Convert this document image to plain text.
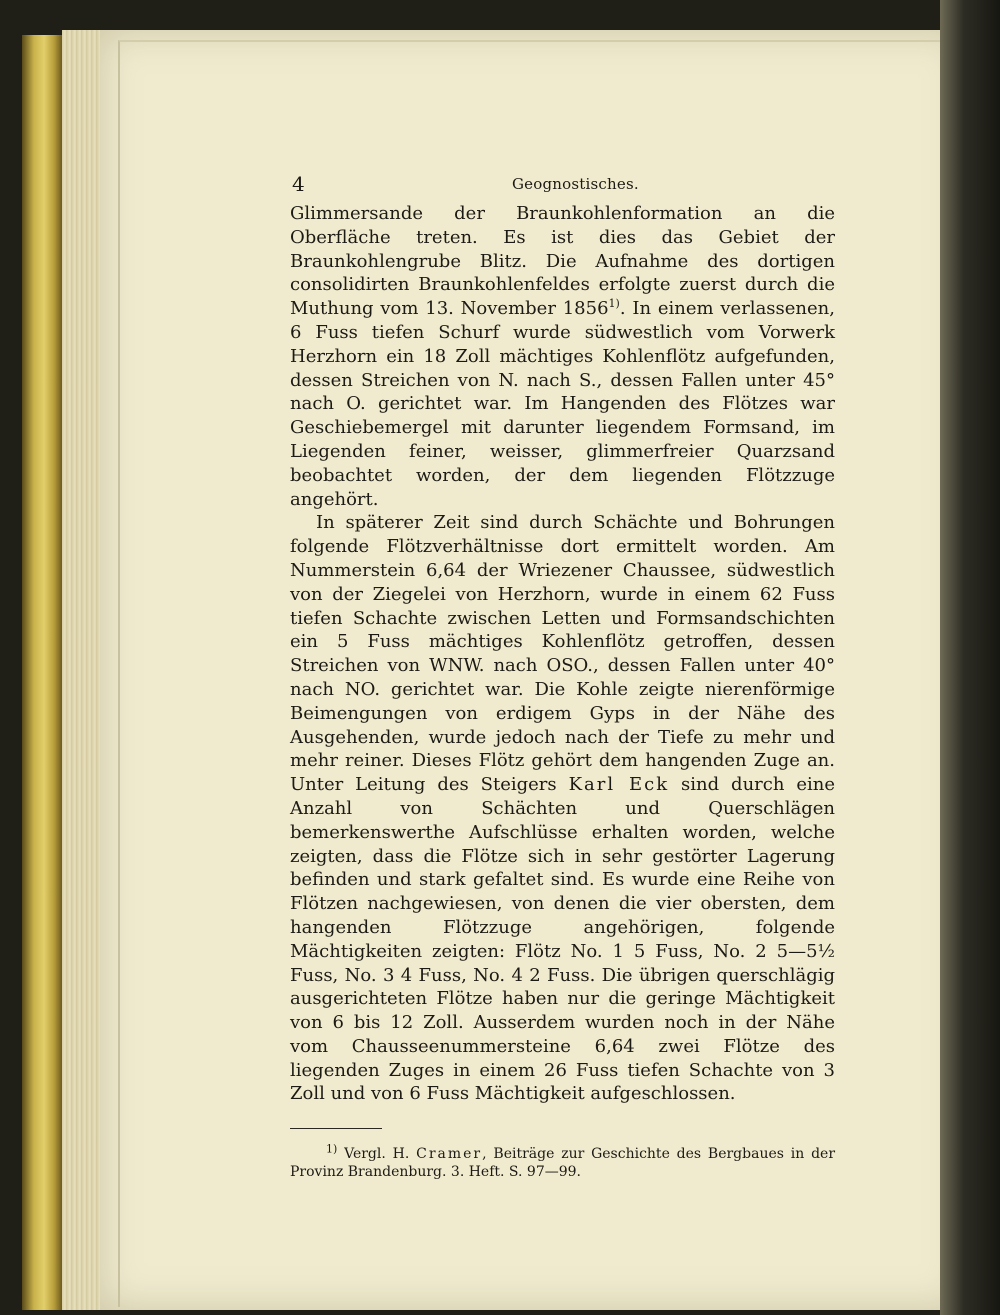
4	Geognostisches.

Glimmersande der Braunkohlenformation an die Oberfläche treten. Es ist dies das Gebiet der Braunkohlengrube Blitz. Die Aufnahme des dortigen consolidirten Braunkohlenfeldes erfolgte zuerst durch die Muthung vom 13. November 1856$^{1)}$. In einem verlassenen, 6 Fuss tiefen Schurf wurde südwestlich vom Vorwerk Herzhorn ein 18 Zoll mächtiges Kohlenflötz aufgefunden, dessen Streichen von N. nach S., dessen Fallen unter 45° nach O. gerichtet war. Im Hangenden des Flötzes war Geschiebemergel mit darunter liegendem Formsand, im Liegenden feiner, weisser, glimmerfreier Quarzsand beobachtet worden, der dem liegenden Flötzzuge angehört.

In späterer Zeit sind durch Schächte und Bohrungen folgende Flötzverhältnisse dort ermittelt worden. Am Nummerstein 6,64 der Wriezener Chaussee, südwestlich von der Ziegelei von Herzhorn, wurde in einem 62 Fuss tiefen Schachte zwischen Letten und Formsandschichten ein 5 Fuss mächtiges Kohlenflötz getroffen, dessen Streichen von WNW. nach OSO., dessen Fallen unter 40° nach NO. gerichtet war. Die Kohle zeigte nierenförmige Beimengungen von erdigem Gyps in der Nähe des Ausgehenden, wurde jedoch nach der Tiefe zu mehr und mehr reiner. Dieses Flötz gehört dem hangenden Zuge an. Unter Leitung des Steigers Karl Eck sind durch eine Anzahl von Schächten und Querschlägen bemerkenswerthe Aufschlüsse erhalten worden, welche zeigten, dass die Flötze sich in sehr gestörter Lagerung befinden und stark gefaltet sind. Es wurde eine Reihe von Flötzen nachgewiesen, von denen die vier obersten, dem hangenden Flötzzuge angehörigen, folgende Mächtigkeiten zeigten: Flötz No. 1 5 Fuss, No. 2 5—5½ Fuss, No. 3 4 Fuss, No. 4 2 Fuss. Die übrigen querschlägig ausgerichteten Flötze haben nur die geringe Mächtigkeit von 6 bis 12 Zoll. Ausserdem wurden noch in der Nähe vom Chausseenummersteine 6,64 zwei Flötze des liegenden Zuges in einem 26 Fuss tiefen Schachte von 3 Zoll und von 6 Fuss Mächtigkeit aufgeschlossen.

$^{1)}$ Vergl. H. Cramer, Beiträge zur Geschichte des Bergbaues in der Provinz Brandenburg. 3. Heft. S. 97—99.
